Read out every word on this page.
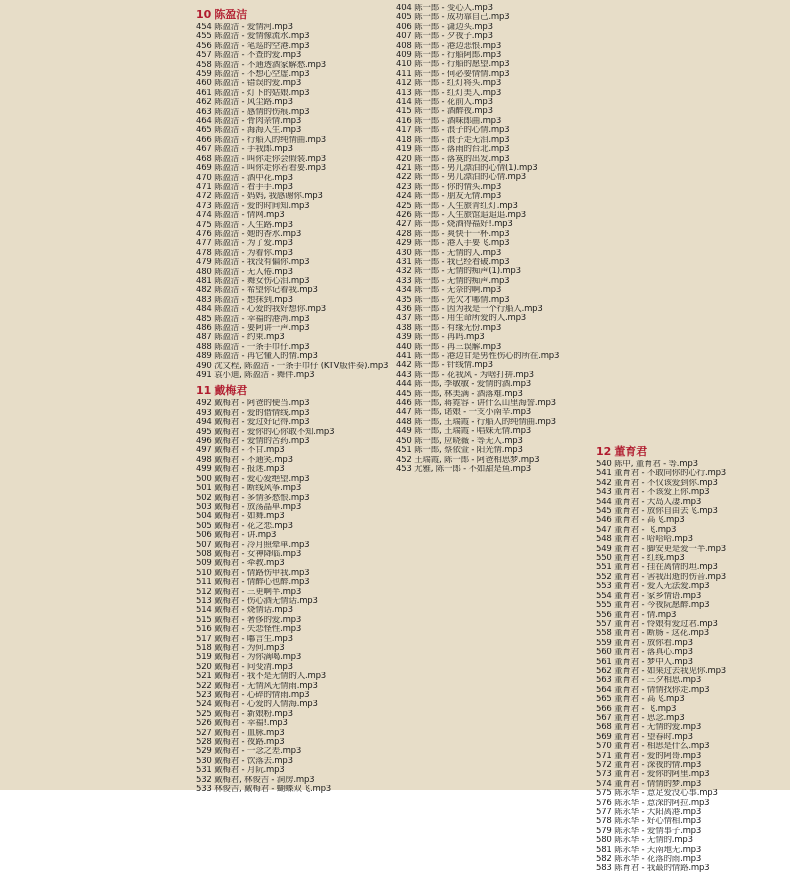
10 陈盈洁
454 陈盈洁 - 爱情河.mp3
455 陈盈洁 - 爱情像流水.mp3
456 陈盈洁 - 笔巡的空港.mp3
457 陈盈洁 - 不查的爱.mp3
458 陈盈洁 - 不通透酒家解愁.mp3
459 陈盈洁 - 不想心空虚.mp3
460 陈盈洁 - 错误的爱.mp3
461 陈盈洁 - 灯下的姑娘.mp3
462 陈盈洁 - 风尘路.mp3
463 陈盈洁 - 感情的伤痕.mp3
464 陈盈洁 - 骨肉亲情.mp3
465 陈盈洁 - 海海人生.mp3
466 陈盈洁 - 行船人的纯情曲.mp3
467 陈盈洁 - 手我郎.mp3
468 陈盈洁 - 叫你走你会假装.mp3
469 陈盈洁 - 叫你走你若看要.mp3
470 陈盈洁 - 酒中花.mp3
471 陈盈洁 - 看手手.mp3
472 陈盈洁 - 妈妈, 我感谢你.mp3
473 陈盈洁 - 爱的时间知.mp3
474 陈盈洁 - 情网.mp3
475 陈盈洁 - 人生路.mp3
476 陈盈洁 - 她的香水.mp3
477 陈盈洁 - 为了爱.mp3
478 陈盈洁 - 为着你.mp3
479 陈盈洁 - 我没有偏你.mp3
480 陈盈洁 - 无人倦.mp3
481 陈盈洁 - 舞女伤心泪.mp3
482 陈盈洁 - 希望你记着我.mp3
483 陈盈洁 - 想抹到.mp3
484 陈盈洁 - 心爱的我好想你.mp3
485 陈盈洁 - 幸福的港湾.mp3
486 陈盈洁 - 要阿讲一声.mp3
487 陈盈洁 - 约束.mp3
488 陈盈洁 - 一条手巾仔.mp3
489 陈盈洁 - 再它懂人的情.mp3
490 沈文程, 陈盈洁 - 一条手巾仔 (KTV版伴奏).mp3
491 袁小迪, 陈盈洁 - 舞伴.mp3
11 戴梅君
492 戴梅君 - 阿爸的便当.mp3
493 戴梅君 - 爱的借情线.mp3
494 戴梅君 - 爱过好记得.mp3
495 戴梅君 - 爱你的心你敢不知.mp3
496 戴梅君 - 爱情的苦药.mp3
497 戴梅君 - 不甘.mp3
498 戴梅君 - 不通笑.mp3
499 戴梅君 - 报迷.mp3
500 戴梅君 - 爱心爱绝望.mp3
501 戴梅君 - 断线风筝.mp3
502 戴梅君 - 多情多愁恨.mp3
503 戴梅君 - 放荡晶单.mp3
504 戴梅君 - 如舞.mp3
505 戴梅君 - 花之恋.mp3
506 戴梅君 - 讲.mp3
507 戴梅君 - 冷月照晕单.mp3
508 戴梅君 - 女神降临.mp3
509 戴梅君 - 牵教.mp3
510 戴梅君 - 情路伤甲我.mp3
511 戴梅君 - 情醉心也醉.mp3
512 戴梅君 - 三更啊半.mp3
513 戴梅君 - 伤心酒无情话.mp3
514 戴梅君 - 烧情话.mp3
515 戴梅君 - 奢侈的爱.mp3
516 戴梅君 - 失恋怪性.mp3
517 戴梅君 - 嘟言生.mp3
518 戴梅君 - 为何.mp3
519 戴梅君 - 为你满喝.mp3
520 戴梅君 - 问变清.mp3
521 戴梅君 - 我不是无情的人.mp3
522 戴梅君 - 无情风无情雨.mp3
523 戴梅君 - 心碎的情雨.mp3
524 戴梅君 - 心爱的人情海.mp3
525 戴梅君 - 新娘粉.mp3
526 戴梅君 - 幸福!.mp3
527 戴梅君 - 血脉.mp3
528 戴梅君 - 夜路.mp3
529 戴梅君 - 一念之差.mp3
530 戴梅君 - 饮落去.mp3
531 戴梅君 - 月阮.mp3
532 戴梅君, 林俊吉 - 洞房.mp3
533 林俊吉, 戴梅君 - 蝴蝶双飞.mp3
404 陈一郎 - 变心人.mp3
405 陈一郎 - 成功靠自己.mp3
406 陈一郎 - 潇边头.mp3
407 陈一郎 - 夕夜子.mp3
408 陈一郎 - 港边悲恨.mp3
409 陈一郎 - 行船阿郎.mp3
410 陈一郎 - 行船的愿望.mp3
411 陈一郎 - 何必要情情.mp3
412 陈一郎 - 红灯将头.mp3
413 陈一郎 - 红灯美人.mp3
414 陈一郎 - 花前人.mp3
415 陈一郎 - 酒醉夜.mp3
416 陈一郎 - 酒味郎曲.mp3
417 陈一郎 - 浪子的心情.mp3
418 陈一郎 - 浪子走无泪.mp3
419 陈一郎 - 落雨的台北.mp3
420 陈一郎 - 落寞的出发.mp3
421 陈一郎 - 男儿漂泊的心情(1).mp3
422 陈一郎 - 男儿漂泊的心情.mp3
423 陈一郎 - 你的情头.mp3
424 陈一郎 - 朋友无情.mp3
425 陈一郎 - 人生旅青红灯.mp3
426 陈一郎 - 人生旅馆追追追.mp3
427 陈一郎 - 烧酒得福好!.mp3
428 陈一郎 - 爽快干一杯.mp3
429 陈一郎 - 港人手要飞.mp3
430 陈一郎 - 无情的人.mp3
431 陈一郎 - 我已经看破.mp3
432 陈一郎 - 无情的痴声(1).mp3
433 陈一郎 - 无情的痴声.mp3
434 陈一郎 - 无奈的啊.mp3
435 陈一郎 - 先欠才哪情.mp3
436 陈一郎 - 因为我是一个行船人.mp3
437 陈一郎 - 用生命所爱的人.mp3
438 陈一郎 - 有缘无份.mp3
439 陈一郎 - 再吗.mp3
440 陈一郎 - 再三误解.mp3
441 陈一郎 - 港边甘是男性伤心的所在.mp3
442 陈一郎 - 针线情.mp3
443 陈一郎 - 花我风 - 为啥打拼.mp3
444 陈一郎, 李敏敏 - 爱情的酒.mp3
445 陈一郎, 林美满 - 酒落难.mp3
446 陈一郎, 蒋霓容 - 讲什么山里海誓.mp3
447 陈一郎, 诺娘 - 一支小南辛.mp3
448 陈一郎, 王瑞霞 - 行船人的纯情曲.mp3
449 陈一郎, 王瑞霞 - 唱妹无情.mp3
450 陈一郎, 应晓薇 - 等无人.mp3
451 陈一郎, 蔡依萱 - 阳光情.mp3
452 王瑞霞, 陈一郎 - 阿爸相思梦.mp3
453 尤雅, 陈一郎 - 不如甜是鱼.mp3
12 董育君
540 陈中, 董育君 - 等.mp3
541 董育君 - 不敢向你的心行.mp3
542 董育君 - 不仅该爱到你.mp3
543 董育君 - 不该爱上你.mp3
544 董育君 - 大岛人凄.mp3
545 董育君 - 放你自由去飞.mp3
546 董育君 - 高飞.mp3
547 董育君 - 飞.mp3
548 董育君 - 哈哈哈.mp3
549 董育君 - 脚安更是爱一半.mp3
550 董育君 - 红线.mp3
551 董育君 - 挂在离情的坦.mp3
552 董育君 - 害我出逝的伤音.mp3
553 董育君 - 爱人无法爱.mp3
554 董育君 - 家乡情语.mp3
555 董育君 - 今夜阮愿醉.mp3
556 董育君 - 情.mp3
557 董育君 - 怜娘有爱过君.mp3
558 董育君 - 断肠 - 这花.mp3
559 董育君 - 放你看.mp3
560 董育君 - 落真心.mp3
561 董育君 - 梦中人.mp3
562 董育君 - 如果过去我见你.mp3
563 董育君 - 三夕相思.mp3
564 董育君 - 情情找你走.mp3
565 董育君 - 高飞.mp3
566 董育君 - 飞.mp3
567 董育君 - 思念.mp3
568 董育君 - 无情的爱.mp3
569 董育君 - 望春时.mp3
570 董育君 - 相思是什么.mp3
571 董育君 - 爱的阿哥.mp3
572 董育君 - 深夜的情.mp3
573 董育君 - 爱你的阿里.mp3
574 董育君 - 情情的梦.mp3
575 陈永华 - 意足爱没心事.mp3
576 陈永华 - 意深的阿拉.mp3
577 陈永华 - 大阳离港.mp3
578 陈永华 - 好心情相.mp3
579 陈永华 - 爱情事子.mp3
580 陈永华 - 无情的.mp3
581 陈永华 - 天南地无.mp3
582 陈永华 - 花落的雨.mp3
583 陈育君 - 我最的情路.mp3
